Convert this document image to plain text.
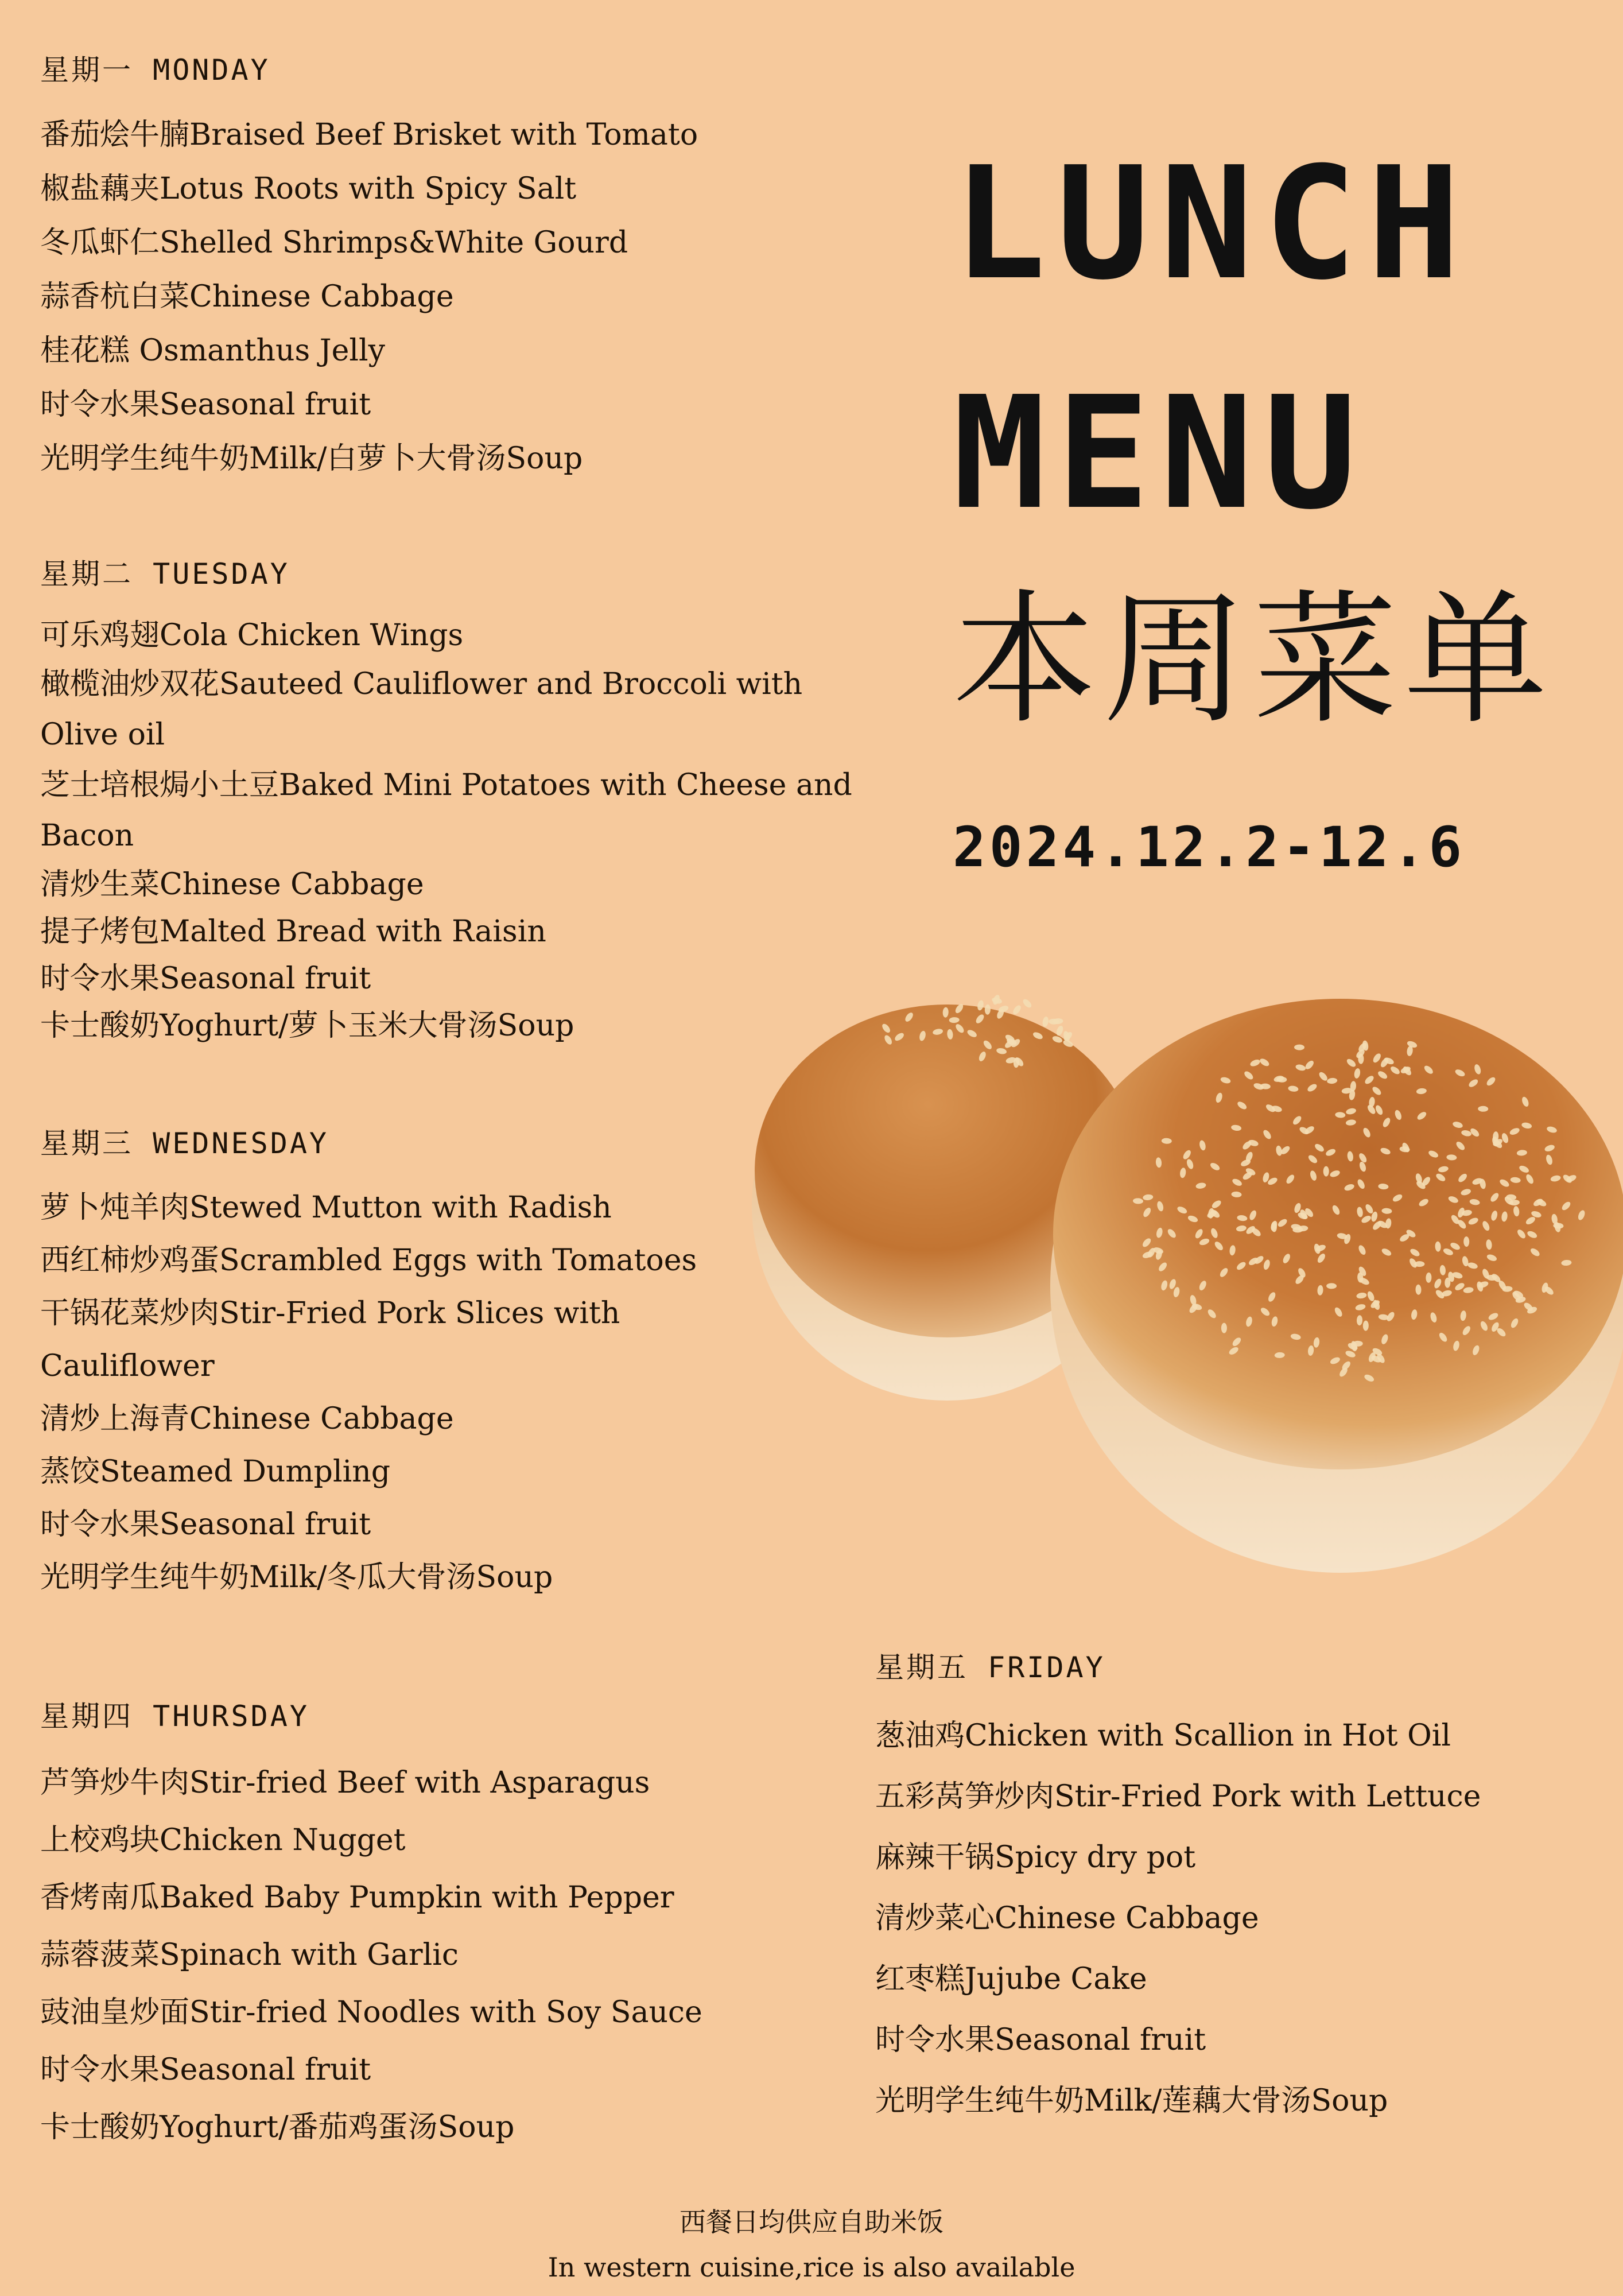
星期一 MONDAY

番茄烩牛腩Braised Beef Brisket with Tomato

椒盐藕夹Lotus Roots with Spicy Salt

冬瓜虾仁Shelled Shrimps&White Gourd

蒜香杭白菜Chinese Cabbage

桂花糕 Osmanthus Jelly

时令水果Seasonal fruit

光明学生纯牛奶Milk/白萝卜大骨汤Soup

星期二 TUESDAY

可乐鸡翅Cola Chicken Wings

橄榄油炒双花Sauteed Cauliflower and Broccoli with Olive oil

芝士培根焗小土豆Baked Mini Potatoes with Cheese and Bacon

清炒生菜Chinese Cabbage

提子烤包Malted Bread with Raisin

时令水果Seasonal fruit

卡士酸奶Yoghurt/萝卜玉米大骨汤Soup

星期三 WEDNESDAY

萝卜炖羊肉Stewed Mutton with Radish

西红柿炒鸡蛋Scrambled Eggs with Tomatoes

干锅花菜炒肉Stir-Fried Pork Slices with Cauliflower

清炒上海青Chinese Cabbage

蒸饺Steamed Dumpling

时令水果Seasonal fruit

光明学生纯牛奶Milk/冬瓜大骨汤Soup

星期四 THURSDAY

芦笋炒牛肉Stir-fried Beef with Asparagus

上校鸡块Chicken Nugget

香烤南瓜Baked Baby Pumpkin with Pepper

蒜蓉菠菜Spinach with Garlic

豉油皇炒面Stir-fried Noodles with Soy Sauce

时令水果Seasonal fruit

卡士酸奶Yoghurt/番茄鸡蛋汤Soup

星期五 FRIDAY

葱油鸡Chicken with Scallion in Hot Oil

五彩莴笋炒肉Stir-Fried Pork with Lettuce

麻辣干锅Spicy dry pot

清炒菜心Chinese Cabbage

红枣糕Jujube Cake

时令水果Seasonal fruit

光明学生纯牛奶Milk/莲藕大骨汤Soup

LUNCH
MENU
本周菜单
2024.12.2-12.6

西餐日均供应自助米饭

In western cuisine,rice is also available
